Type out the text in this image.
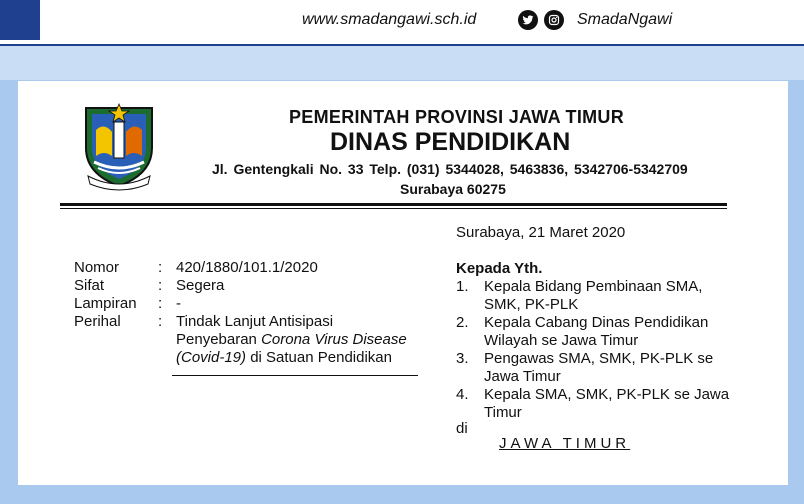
www.smadangawi.sch.id	SmadaNgawi
PEMERINTAH PROVINSI JAWA TIMUR
DINAS PENDIDIKAN
Jl. Gentengkali No. 33 Telp. (031) 5344028, 5463836, 5342706-5342709
Surabaya 60275
Surabaya, 21 Maret 2020
Nomor	: 420/1880/101.1/2020
Sifat	: Segera
Lampiran	: -
Perihal	: Tindak Lanjut Antisipasi
Penyebaran Corona Virus Disease
(Covid-19) di Satuan Pendidikan
Kepada Yth.
1.	Kepala Bidang Pembinaan SMA, SMK, PK-PLK
2.	Kepala Cabang Dinas Pendidikan Wilayah se Jawa Timur
3.	Pengawas SMA, SMK, PK-PLK se Jawa Timur
4.	Kepala SMA, SMK, PK-PLK se Jawa Timur
di
JAWA TIMUR
